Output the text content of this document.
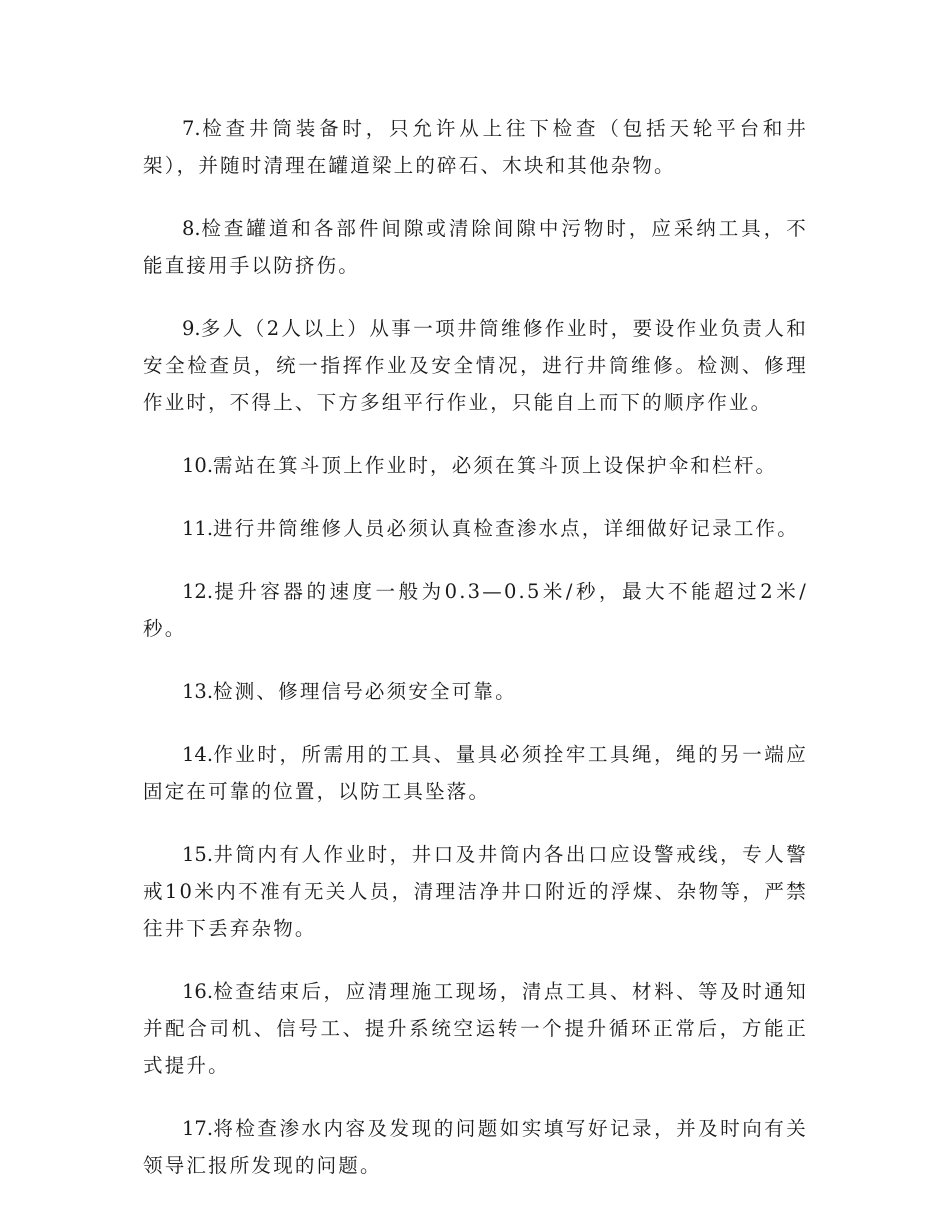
7.检查井筒装备时，只允许从上往下检查（包括天轮平台和井架），并随时清理在罐道梁上的碎石、木块和其他杂物。

8.检查罐道和各部件间隙或清除间隙中污物时，应采纳工具，不能直接用手以防挤伤。

9.多人（2人以上）从事一项井筒维修作业时，要设作业负责人和安全检查员，统一指挥作业及安全情况，进行井筒维修。检测、修理作业时，不得上、下方多组平行作业，只能自上而下的顺序作业。

10.需站在箕斗顶上作业时，必须在箕斗顶上设保护伞和栏杆。

11.进行井筒维修人员必须认真检查渗水点，详细做好记录工作。

12.提升容器的速度一般为0.3—0.5米/秒，最大不能超过2米/秒。

13.检测、修理信号必须安全可靠。

14.作业时，所需用的工具、量具必须拴牢工具绳，绳的另一端应固定在可靠的位置，以防工具坠落。

15.井筒内有人作业时，井口及井筒内各出口应设警戒线，专人警戒10米内不准有无关人员，清理洁净井口附近的浮煤、杂物等，严禁往井下丢弃杂物。

16.检查结束后，应清理施工现场，清点工具、材料、等及时通知并配合司机、信号工、提升系统空运转一个提升循环正常后，方能正式提升。

17.将检查渗水内容及发现的问题如实填写好记录，并及时向有关领导汇报所发现的问题。
